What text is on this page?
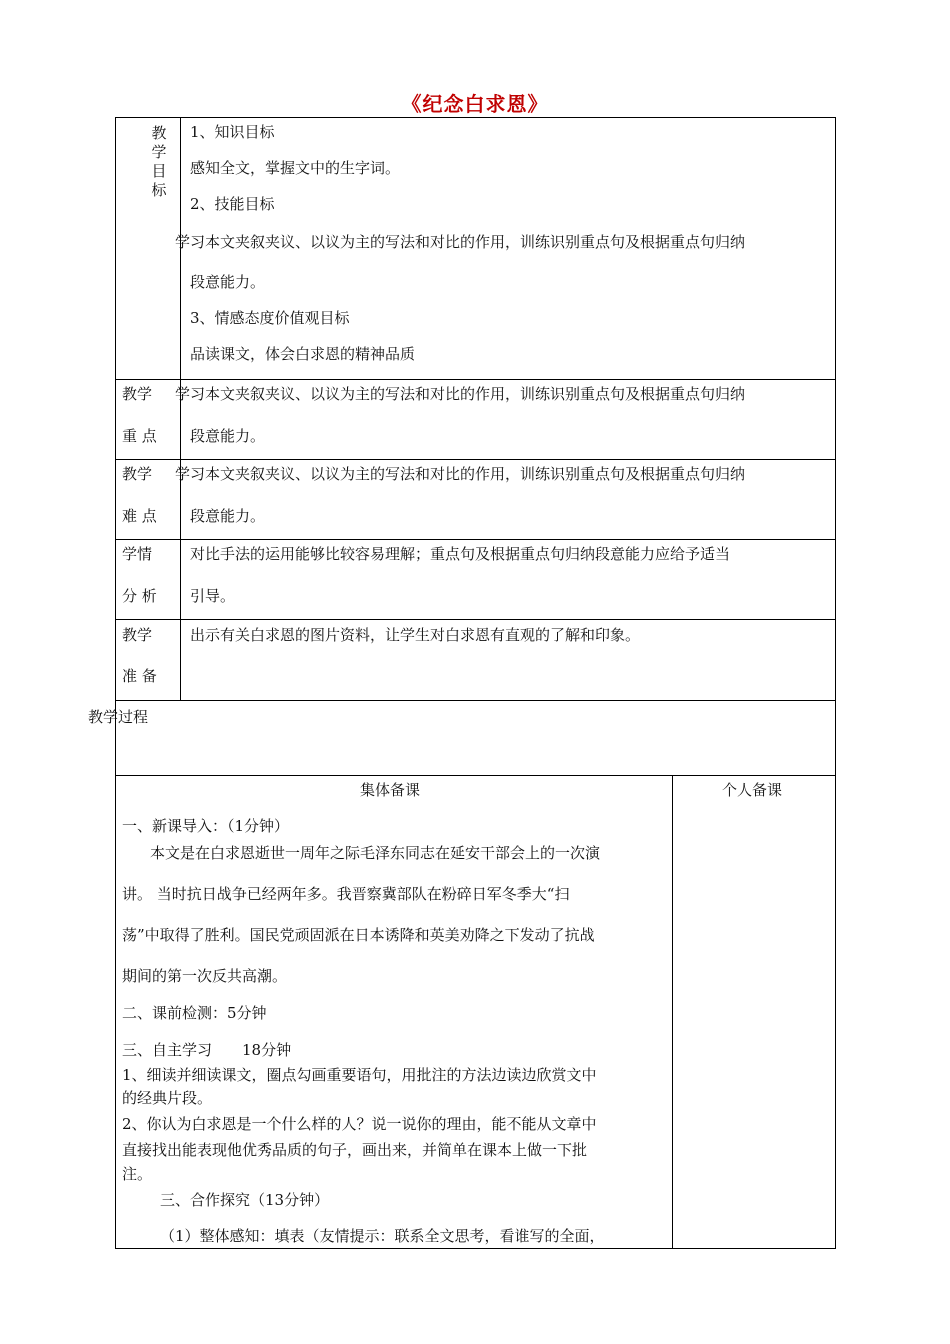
《纪念白求恩》
教学目标
1、知识目标
感知全文，掌握文中的生字词。
2、技能目标
学习本文夹叙夹议、以议为主的写法和对比的作用，训练识别重点句及根据重点句归纳
段意能力。
3、情感态度价值观目标
品读课文，体会白求恩的精神品质
教学
重 点
学习本文夹叙夹议、以议为主的写法和对比的作用，训练识别重点句及根据重点句归纳
段意能力。
教学
难 点
学习本文夹叙夹议、以议为主的写法和对比的作用，训练识别重点句及根据重点句归纳
段意能力。
学情
分 析
对比手法的运用能够比较容易理解；重点句及根据重点句归纳段意能力应给予适当
引导。
教学
准 备
出示有关白求恩的图片资料，让学生对白求恩有直观的了解和印象。
教学过程
集体备课	个人备课
一、新课导入：（1分钟）
本文是在白求恩逝世一周年之际毛泽东同志在延安干部会上的一次演
讲。 当时抗日战争已经两年多。我晋察冀部队在粉碎日军冬季大“扫
荡”中取得了胜利。国民党顽固派在日本诱降和英美劝降之下发动了抗战
期间的第一次反共高潮。
二、课前检测：5分钟
三、自主学习 18分钟
1、细读并细读课文，圈点勾画重要语句，用批注的方法边读边欣赏文中
的经典片段。
2、你认为白求恩是一个什么样的人？说一说你的理由，能不能从文章中
直接找出能表现他优秀品质的句子，画出来，并简单在课本上做一下批
注。
三、合作探究（13分钟）
（1）整体感知：填表（友情提示：联系全文思考，看谁写的全面，
